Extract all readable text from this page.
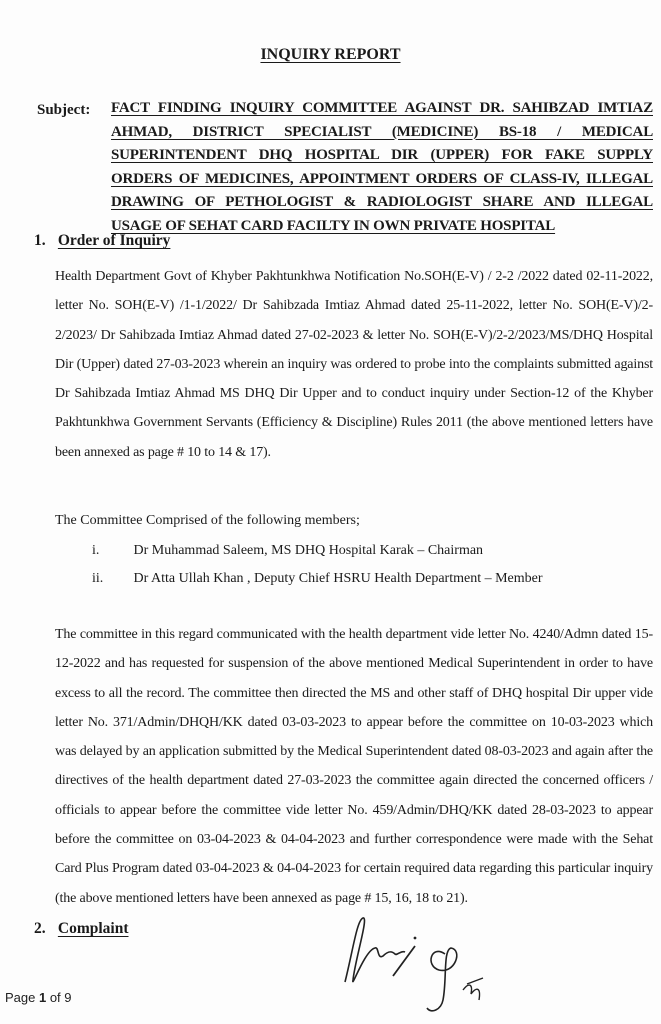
INQUIRY REPORT
Subject: FACT FINDING INQUIRY COMMITTEE AGAINST DR. SAHIBZAD IMTIAZ AHMAD, DISTRICT SPECIALIST (MEDICINE) BS-18 / MEDICAL SUPERINTENDENT DHQ HOSPITAL DIR (UPPER) FOR FAKE SUPPLY ORDERS OF MEDICINES, APPOINTMENT ORDERS OF CLASS-IV, ILLEGAL DRAWING OF PETHOLOGIST & RADIOLOGIST SHARE AND ILLEGAL USAGE OF SEHAT CARD FACILTY IN OWN PRIVATE HOSPITAL
1. Order of Inquiry
Health Department Govt of Khyber Pakhtunkhwa Notification No.SOH(E-V) / 2-2 /2022 dated 02-11-2022, letter No. SOH(E-V) /1-1/2022/ Dr Sahibzada Imtiaz Ahmad dated 25-11-2022, letter No. SOH(E-V)/2-2/2023/ Dr Sahibzada Imtiaz Ahmad dated 27-02-2023 & letter No. SOH(E-V)/2-2/2023/MS/DHQ Hospital Dir (Upper) dated 27-03-2023 wherein an inquiry was ordered to probe into the complaints submitted against Dr Sahibzada Imtiaz Ahmad MS DHQ Dir Upper and to conduct inquiry under Section-12 of the Khyber Pakhtunkhwa Government Servants (Efficiency & Discipline) Rules 2011 (the above mentioned letters have been annexed as page # 10 to 14 & 17).
The Committee Comprised of the following members;
i. Dr Muhammad Saleem, MS DHQ Hospital Karak – Chairman
ii. Dr Atta Ullah Khan , Deputy Chief HSRU Health Department – Member
The committee in this regard communicated with the health department vide letter No. 4240/Admn dated 15-12-2022 and has requested for suspension of the above mentioned Medical Superintendent in order to have excess to all the record. The committee then directed the MS and other staff of DHQ hospital Dir upper vide letter No. 371/Admin/DHQH/KK dated 03-03-2023 to appear before the committee on 10-03-2023 which was delayed by an application submitted by the Medical Superintendent dated 08-03-2023 and again after the directives of the health department dated 27-03-2023 the committee again directed the concerned officers / officials to appear before the committee vide letter No. 459/Admin/DHQ/KK dated 28-03-2023 to appear before the committee on 03-04-2023 & 04-04-2023 and further correspondence were made with the Sehat Card Plus Program dated 03-04-2023 & 04-04-2023 for certain required data regarding this particular inquiry (the above mentioned letters have been annexed as page # 15, 16, 18 to 21).
2. Complaint
Page 1 of 9
